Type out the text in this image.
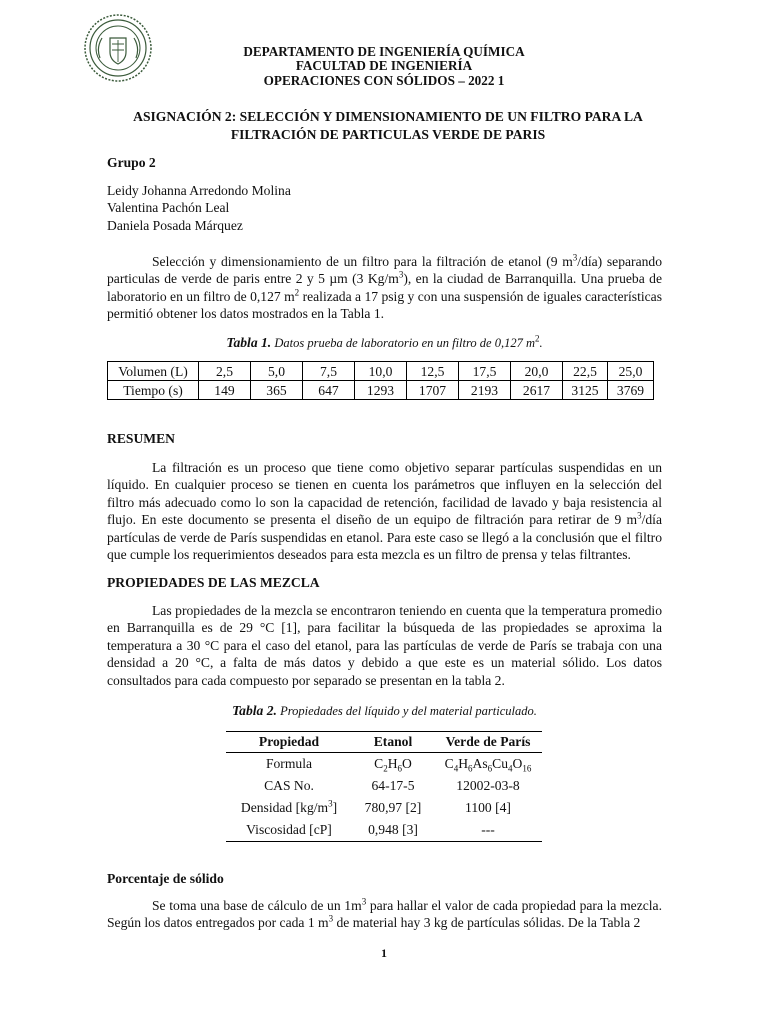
DEPARTAMENTO DE INGENIERÍA QUÍMICA
FACULTAD DE INGENIERÍA
OPERACIONES CON SÓLIDOS – 2022 1
ASIGNACIÓN 2: SELECCIÓN Y DIMENSIONAMIENTO DE UN FILTRO PARA LA
FILTRACIÓN DE PARTICULAS VERDE DE PARIS
Grupo 2
Leidy Johanna Arredondo Molina
Valentina Pachón Leal
Daniela Posada Márquez
Selección y dimensionamiento de un filtro para la filtración de etanol (9 $m^3/día$) separando particulas de verde de paris entre 2 y 5 µm (3 $Kg/m^3$), en la ciudad de Barranquilla. Una prueba de laboratorio en un filtro de 0,127 $m^2$ realizada a 17 psig y con una suspensión de iguales características permitió obtener los datos mostrados en la Tabla 1.
Tabla 1. Datos prueba de laboratorio en un filtro de 0,127 $m^2$.
Volumen (L)	2,5	5,0	7,5	10,0	12,5	17,5	20,0	22,5	25,0
Tiempo (s)	149	365	647	1293	1707	2193	2617	3125	3769
RESUMEN
La filtración es un proceso que tiene como objetivo separar partículas suspendidas en un líquido. En cualquier proceso se tienen en cuenta los parámetros que influyen en la selección del filtro más adecuado como lo son la capacidad de retención, facilidad de lavado y baja resistencia al flujo. En este documento se presenta el diseño de un equipo de filtración para retirar de 9 $m^3$/día partículas de verde de París suspendidas en etanol. Para este caso se llegó a la conclusión que el filtro que cumple los requerimientos deseados para esta mezcla es un filtro de prensa y telas filtrantes.
PROPIEDADES DE LAS MEZCLA
Las propiedades de la mezcla se encontraron teniendo en cuenta que la temperatura promedio en Barranquilla es de 29 °C [1], para facilitar la búsqueda de las propiedades se aproxima la temperatura a 30 °C para el caso del etanol, para las partículas de verde de París se trabaja con una densidad a 20 °C, a falta de más datos y debido a que este es un material sólido. Los datos consultados para cada compuesto por separado se presentan en la tabla 2.
Tabla 2. Propiedades del líquido y del material particulado.
Propiedad	Etanol	Verde de París
Formula	$C_2H_6O$	$C_4H_6As_6Cu_4O_{16}$
CAS No.	64-17-5	12002-03-8
Densidad $[kg/m^3]$	780,97 [2]	1100 [4]
Viscosidad [cP]	0,948 [3]	---
Porcentaje de sólido
Se toma una base de cálculo de un $1m^3$ para hallar el valor de cada propiedad para la mezcla. Según los datos entregados por cada 1 $m^3$ de material hay 3 kg de partículas sólidas. De la Tabla 2
1
